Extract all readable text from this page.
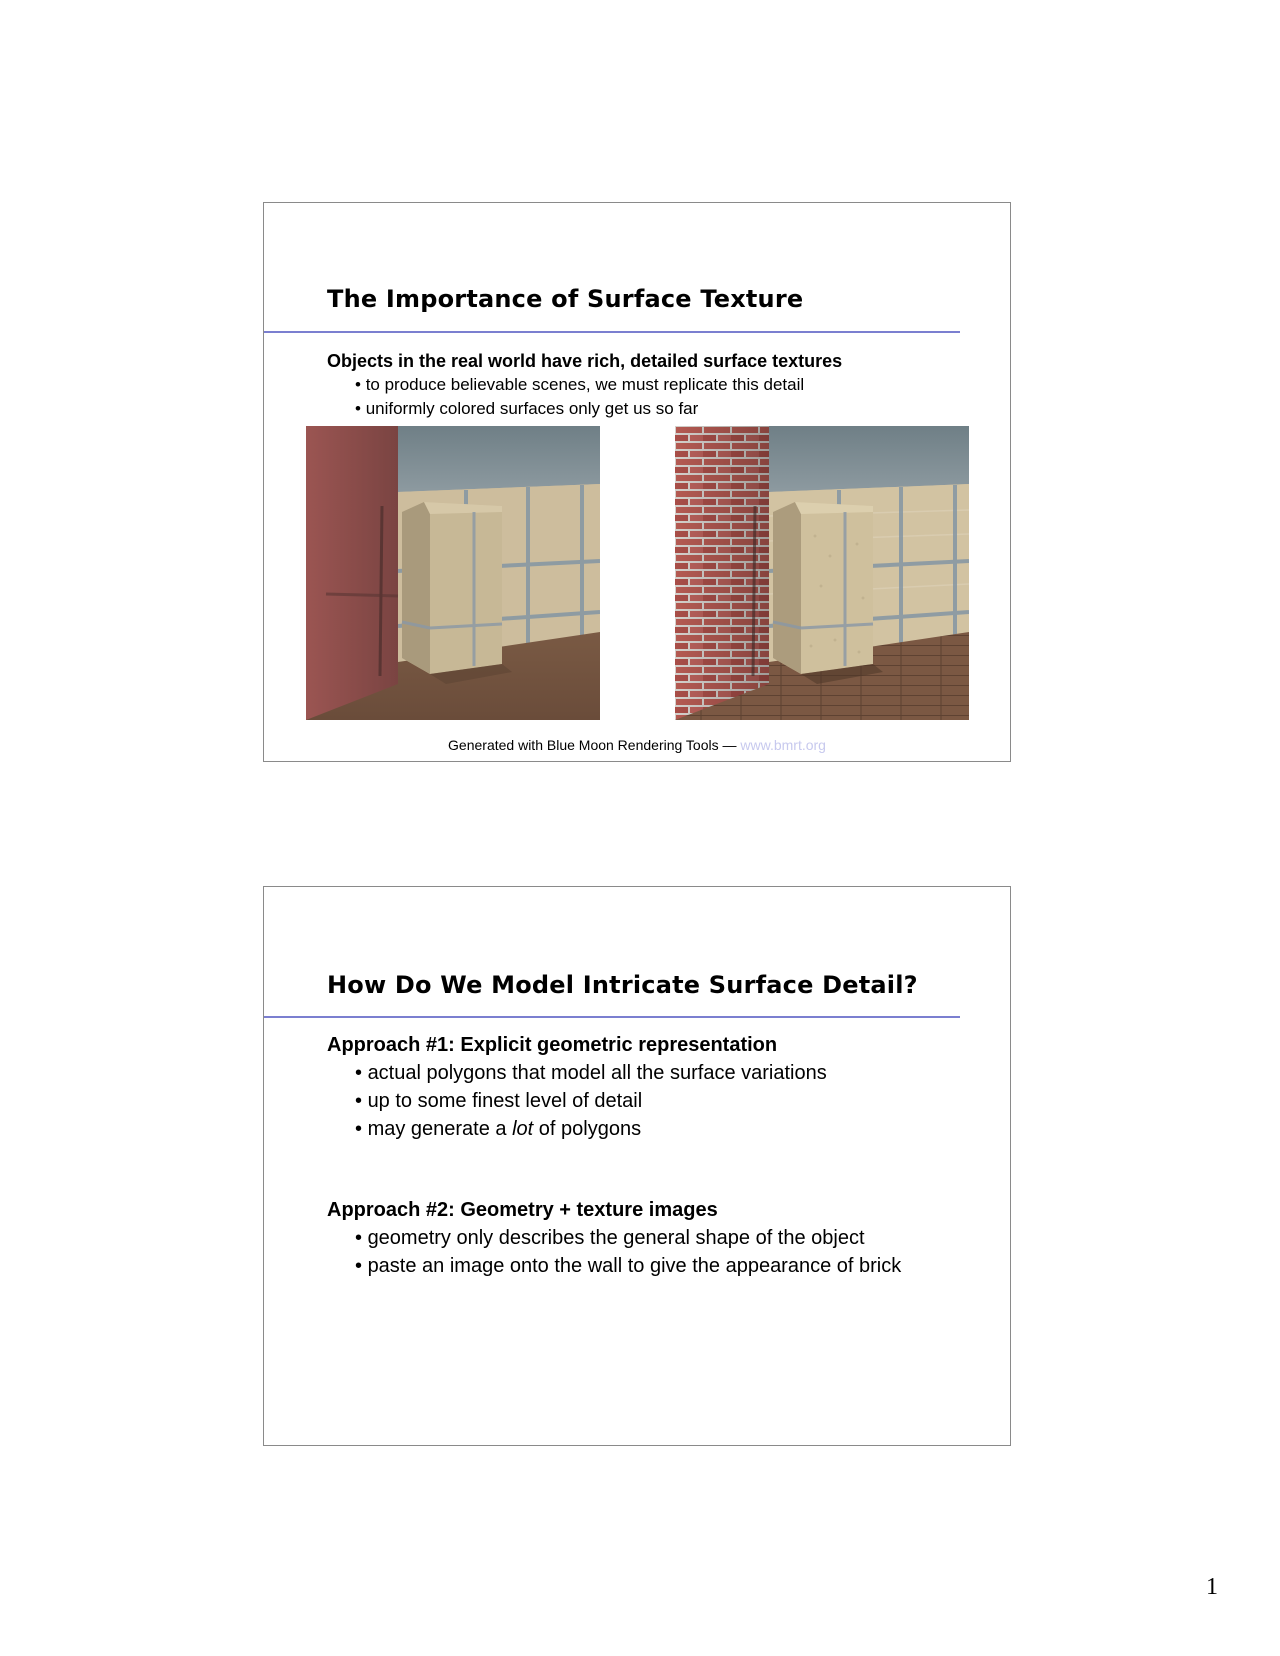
The Importance of Surface Texture
Objects in the real world have rich, detailed surface textures
• to produce believable scenes, we must replicate this detail
• uniformly colored surfaces only get us so far
Generated with Blue Moon Rendering Tools — www.bmrt.org
How Do We Model Intricate Surface Detail?
Approach #1: Explicit geometric representation
• actual polygons that model all the surface variations
• up to some finest level of detail
• may generate a lot of polygons
Approach #2: Geometry + texture images
• geometry only describes the general shape of the object
• paste an image onto the wall to give the appearance of brick
1
